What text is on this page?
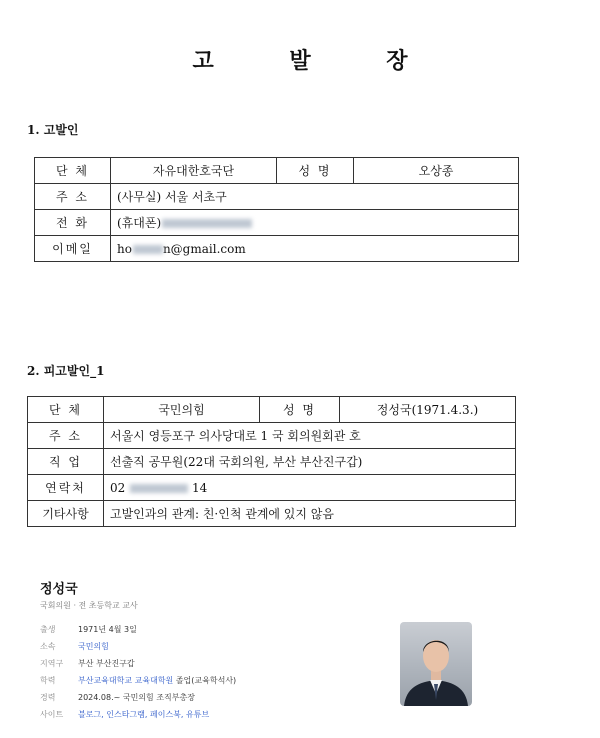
고 발 장
1. 고발인
단 체	자유대한호국단	성 명	오상종
주 소	(사무실) 서울 서초구		
전 화	(휴대폰)		
이메일	ho n@gmail.com		
2. 피고발인_1
단 체	국민의힘	성 명	정성국(1971.4.3.)
주 소	서울시 영등포구 의사당대로 1 국 회의원회관 호		
직 업	선출직 공무원(22대 국회의원, 부산 부산진구갑)		
연락처	02 14		
기타사항	고발인과의 관계: 친·인척 관계에 있지 않음		
정성국
국회의원 · 전 초등학교 교사
출생	1971년 4월 3일
소속	국민의힘
지역구 부산 부산진구갑
학력	부산교육대학교 교육대학원 졸업(교육학석사)
경력	2024.08.~ 국민의힘 조직부총장
사이트 블로그, 인스타그램, 페이스북, 유튜브
